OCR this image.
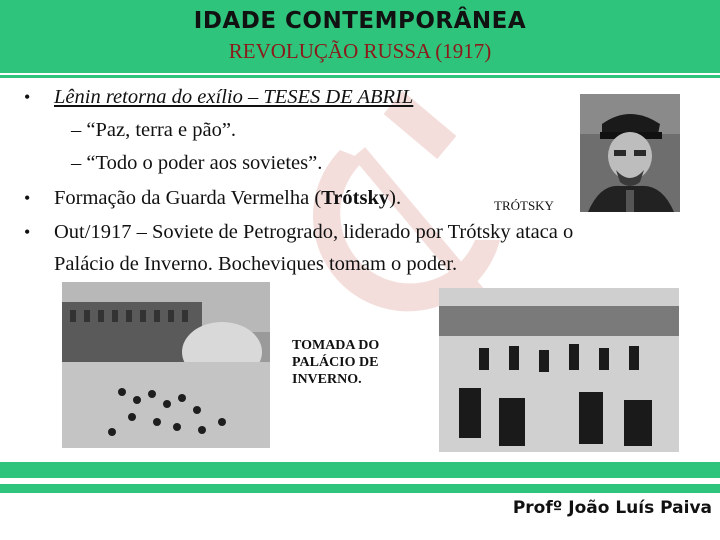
IDADE CONTEMPORÂNEA
REVOLUÇÃO RUSSA (1917)
• Lênin retorna do exílio – TESES DE ABRIL
– “Paz, terra e pão”.
– “Todo o poder aos sovietes”.
• Formação da Guarda Vermelha (Trótsky).	TRÓTSKY
• Out/1917 – Soviete de Petrogrado, liderado por Trótsky ataca o
Palácio de Inverno. Bocheviques tomam o poder.
TOMADA DO
PALÁCIO DE
INVERNO.
Profº João Luís Paiva
